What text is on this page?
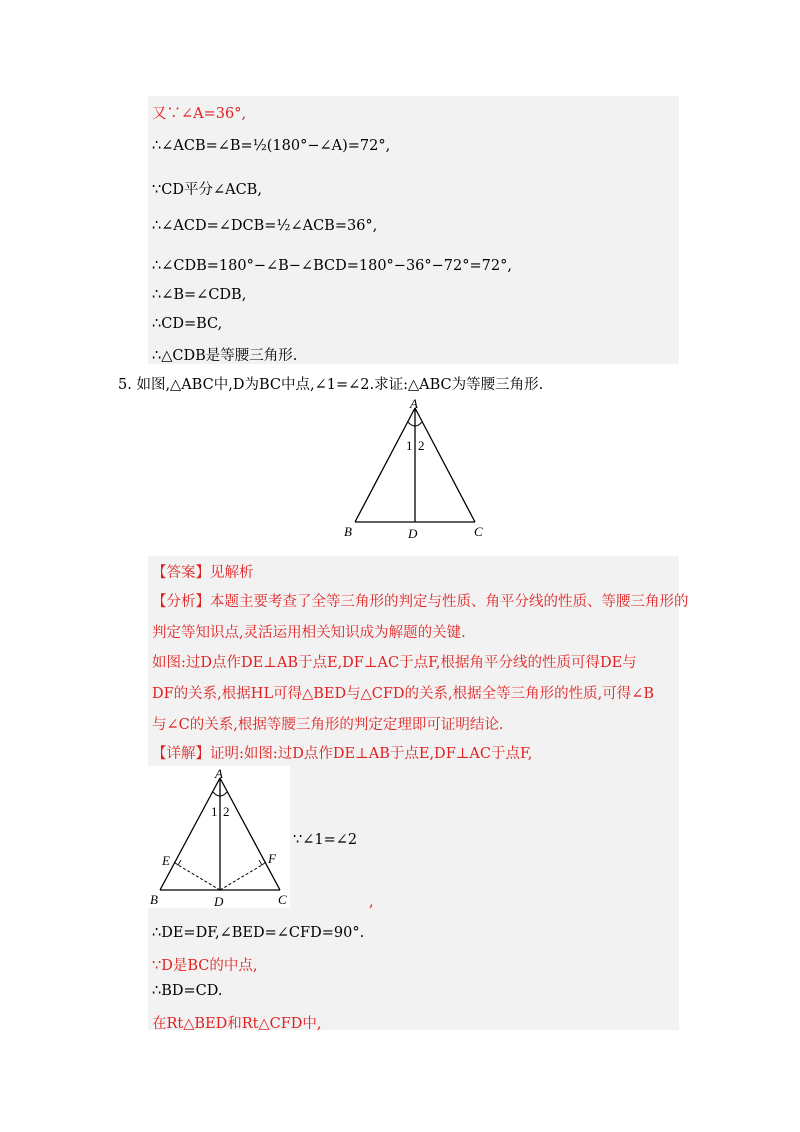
又∵∠A=36°,
∴∠ACB=∠B=½(180°−∠A)=72°,
∵CD平分∠ACB,
∴∠ACD=∠DCB=½∠ACB=36°,
∴∠CDB=180°−∠B−∠BCD=180°−36°−72°=72°,
∴∠B=∠CDB,
∴CD=BC,
∴△CDB是等腰三角形.
5. 如图,△ABC中,D为BC中点,∠1=∠2.求证:△ABC为等腰三角形.
A
1 2
B	D	C
【答案】见解析
【分析】本题主要考查了全等三角形的判定与性质、角平分线的性质、等腰三角形的
判定等知识点,灵活运用相关知识成为解题的关键.
如图:过D点作DE⊥AB于点E,DF⊥AC于点F,根据角平分线的性质可得DE与
DF的关系,根据HL可得△BED与△CFD的关系,根据全等三角形的性质,可得∠B
与∠C的关系,根据等腰三角形的判定定理即可证明结论.
【详解】证明:如图:过D点作DE⊥AB于点E,DF⊥AC于点F,
A
1 2
E	F
B	D	C
∵∠1=∠2
,
∴DE=DF,∠BED=∠CFD=90°.
∵D是BC的中点,
∴BD=CD.
在Rt△BED和Rt△CFD中,
